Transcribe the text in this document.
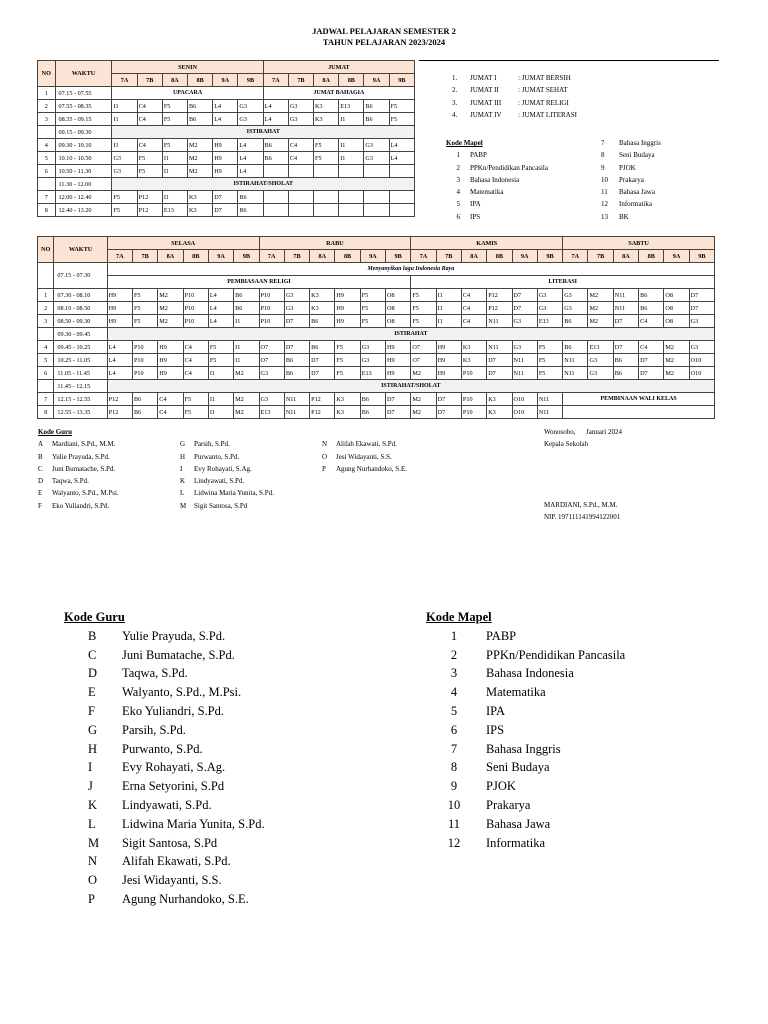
JADWAL PELAJARAN SEMESTER 2
TAHUN PELAJARAN 2023/2024
NO	WAKTU	SENIN						JUMAT					
		7A	7B	8A	8B	9A	9B	7A	7B	8A	8B	9A	9B
1	07.15 - 07.55	UPACARA						JUMAT BAHAGIA					
2	07.55 - 08.35	I1	C4	F5	B6	L4	G3	L4	G3	K3	E13	B6	F5
3	08.35 - 09.15	I1	C4	F5	B6	L4	G3	L4	G3	K3	I1	B6	F5
	09.15 - 09.30	ISTIRAHAT											
4	09.30 - 10.10	I1	C4	F5	M2	H9	L4	B6	C4	F5	I1	G3	L4
5	10.10 - 10.50	G3	F5	I1	M2	H9	L4	B6	C4	F5	I1	G3	L4
6	10.50 - 11.30	G3	F5	I1	M2	H9	L4						
	11.30 - 12.00	ISTIRAHAT/SHOLAT											
7	12.00 - 12.40	F5	P12	I1	K3	D7	B6						
8	12.40 - 13.20	F5	P12	E13	K3	D7	B6						
1. JUMAT I	: JUMAT BERSIH
2. JUMAT II	: JUMAT SEHAT
3. JUMAT III : JUMAT RELIGI
4. JUMAT IV : JUMAT LITERASI
Kode Mapel
1 PABP
2 PPKn/Pendidikan Pancasila
3 Bahasa Indonesia
4 Matematika
5 IPA
6 IPS
7 Bahasa Inggris
8 Seni Budaya
9 PJOK
10 Prakarya
11 Bahasa Jawa
12 Informatika
13 BK
NO	WAKTU	SELASA						RABU						KAMIS						SABTU					
		7A	7B	8A	8B	9A	9B	7A	7B	8A	8B	9A	9B	7A	7B	8A	8B	9A	9B	7A	7B	8A	8B	9A	9B
	07.15 - 07.30	Menyanyikan lagu Indonesia Raya																							
		PEMBIASAAN RELIGI												LITERASI											
1	07.30 - 08.10	H9	F5	M2	P10	L4	B6	P10	G3	K3	H9	F5	O8	F5	I1	C4	P12	D7	G3	G3	M2	N11	B6	O8	D7
2	08.10 - 08.50	H9	F5	M2	P10	L4	B6	P10	G3	K3	H9	F5	O8	F5	I1	C4	P12	D7	G3	G3	M2	N11	B6	O8	D7
3	08.50 - 09.30	H9	F5	M2	P10	L4	I1	P10	D7	B6	H9	F5	O8	F5	I1	C4	N11	G3	E13	B6	M2	D7	C4	O8	G3
	09.30 - 09.45	ISTIRAHAT																							
4	09.45 - 10.25	L4	P10	H9	C4	F5	I1	O7	D7	B6	F5	G3	H9	O7	H9	K3	N11	G3	F5	B6	E13	D7	C4	M2	G3
5	10.25 - 11.05	L4	P10	H9	C4	F5	I1	O7	B6	D7	F5	G3	H9	O7	H9	K3	D7	N11	F5	N11	G3	B6	D7	M2	O10
6	11.05 - 11.45	L4	P10	H9	C4	I1	M2	G3	B6	D7	F5	E13	H9	M2	H9	P10	D7	N11	F5	N11	G3	B6	D7	M2	O10
	11.45 - 12.15	ISTIRAHAT/SHOLAT																							
7	12.15 - 12.55	P12	B6	C4	F5	I1	M2	G3	N11	P12	K3	B6	D7	M2	D7	P10	K3	O10	N11	PEMBINAAN WALI KELAS					
8	12.55 - 13.35	P12	B6	C4	F5	I1	M2	E13	N11	P12	K3	B6	D7	M2	D7	P10	K3	O10	N11						
Kode Guru
A Mardiani, S.Pd., M.M.
B Yulie Prayuda, S.Pd.
C Juni Bumatache, S.Pd.
D Taqwa, S.Pd.
E Walyanto, S.Pd., M.Psi.
F Eko Yuliandri, S.Pd.
G Parsih, S.Pd.
H Purwanto, S.Pd.
I Evy Rohayati, S.Ag.
K Lindyawati, S.Pd.
L Lidwina Maria Yunita, S.Pd.
M Sigit Santosa, S.Pd
N Alifah Ekawati, S.Pd.
O Jesi Widayanti, S.S.
P Agung Nurhandoko, S.E.
Wonosobo, Januari 2024
Kepala Sekolah
MARDIANI, S.Pd., M.M.
NIP. 197111141994122001
Kode Guru
B Yulie Prayuda, S.Pd.
C Juni Bumatache, S.Pd.
D Taqwa, S.Pd.
E Walyanto, S.Pd., M.Psi.
F Eko Yuliandri, S.Pd.
G Parsih, S.Pd.
H Purwanto, S.Pd.
I Evy Rohayati, S.Ag.
J Erna Setyorini, S.Pd
K Lindyawati, S.Pd.
L Lidwina Maria Yunita, S.Pd.
M Sigit Santosa, S.Pd
N Alifah Ekawati, S.Pd.
O Jesi Widayanti, S.S.
P Agung Nurhandoko, S.E.
Kode Mapel
1 PABP
2 PPKn/Pendidikan Pancasila
3 Bahasa Indonesia
4 Matematika
5 IPA
6 IPS
7 Bahasa Inggris
8 Seni Budaya
9 PJOK
10 Prakarya
11 Bahasa Jawa
12 Informatika
